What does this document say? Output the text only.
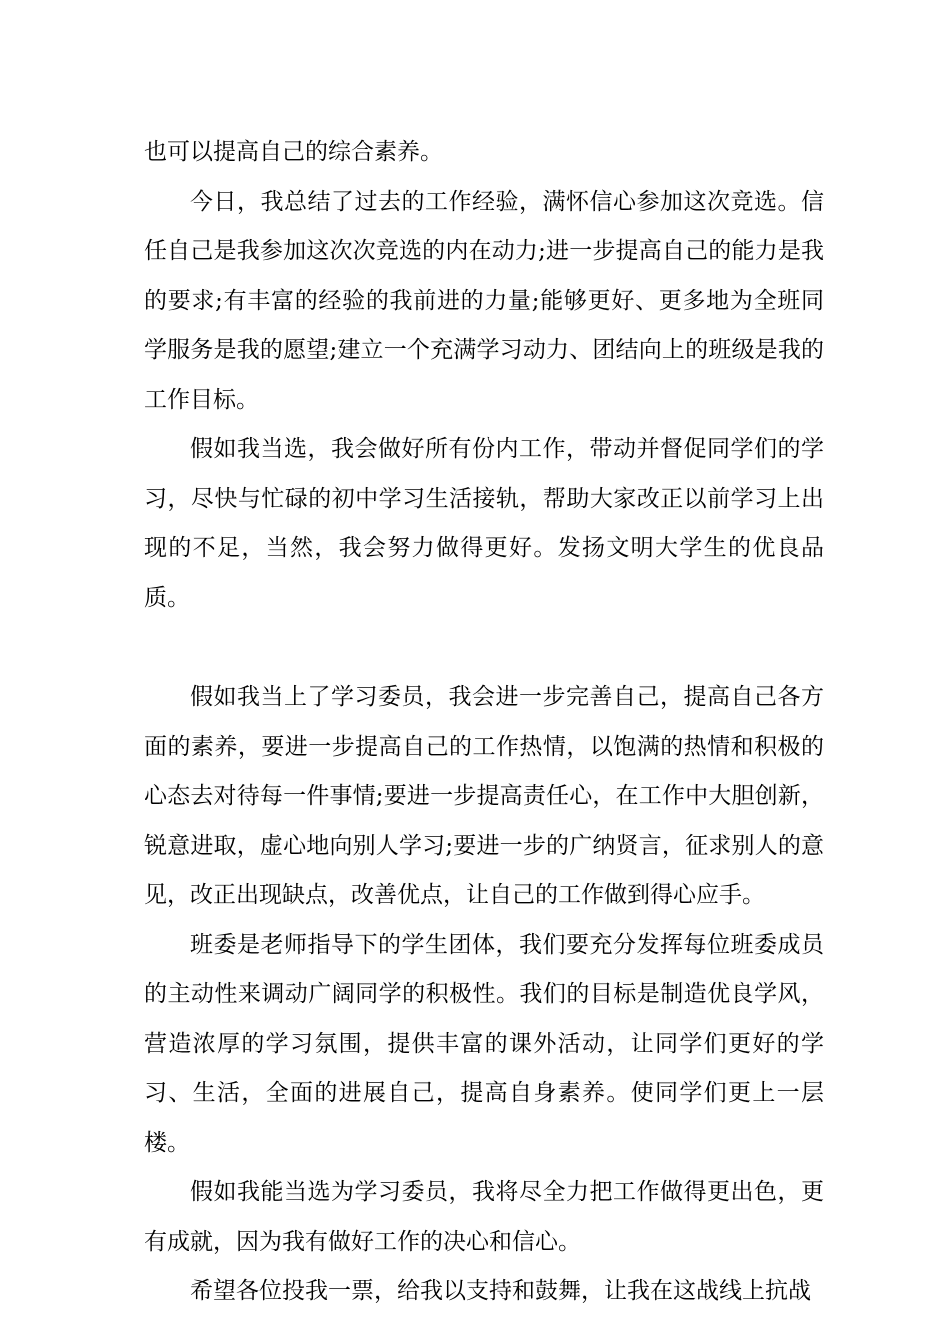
也可以提高自己的综合素养。

今日，我总结了过去的工作经验，满怀信心参加这次竞选。信任自己是我参加这次次竞选的内在动力;进一步提高自己的能力是我的要求;有丰富的经验的我前进的力量;能够更好、更多地为全班同学服务是我的愿望;建立一个充满学习动力、团结向上的班级是我的工作目标。

假如我当选，我会做好所有份内工作，带动并督促同学们的学习，尽快与忙碌的初中学习生活接轨，帮助大家改正以前学习上出现的不足，当然，我会努力做得更好。发扬文明大学生的优良品质。

假如我当上了学习委员，我会进一步完善自己，提高自己各方面的素养，要进一步提高自己的工作热情，以饱满的热情和积极的心态去对待每一件事情;要进一步提高责任心，在工作中大胆创新，锐意进取，虚心地向别人学习;要进一步的广纳贤言，征求别人的意见，改正出现缺点，改善优点，让自己的工作做到得心应手。

班委是老师指导下的学生团体，我们要充分发挥每位班委成员的主动性来调动广阔同学的积极性。我们的目标是制造优良学风，营造浓厚的学习氛围，提供丰富的课外活动，让同学们更好的学习、生活，全面的进展自己，提高自身素养。使同学们更上一层楼。

假如我能当选为学习委员，我将尽全力把工作做得更出色，更有成就，因为我有做好工作的决心和信心。

希望各位投我一票，给我以支持和鼓舞，让我在这战线上抗战
